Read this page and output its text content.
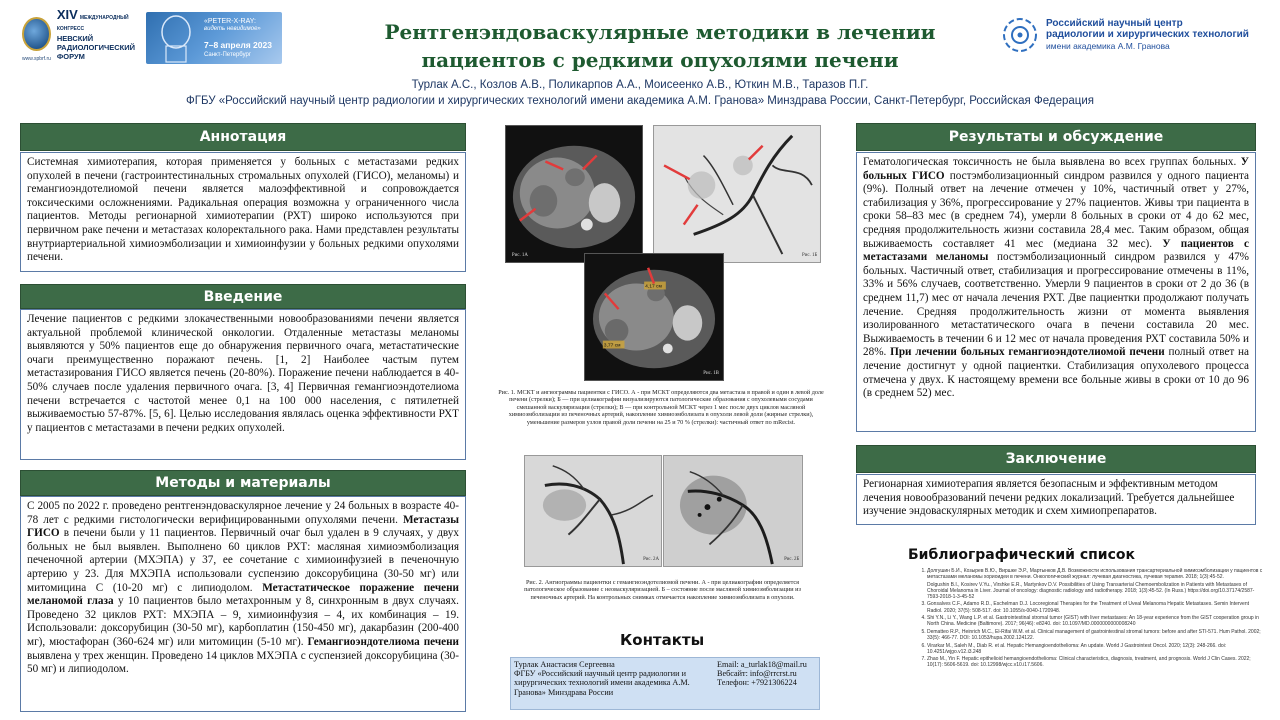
XIV МЕЖДУНАРОДНЫЙ КОНГРЕСС
НЕВСКИЙ
РАДИОЛОГИЧЕСКИЙ
ФОРУМ
www.spbrf.ru
«PETER-X-RAY:
видеть невидимое»
7–8 апреля 2023
Санкт-Петербург
Рентгенэндоваскулярные методики в лечении пациентов с редкими опухолями печени
Турлак А.С., Козлов А.В., Поликарпов А.А., Моисеенко А.В., Юткин М.В., Таразов П.Г.
ФГБУ «Российский научный центр радиологии и хирургических технологий имени академика А.М. Гранова» Минздрава России, Санкт-Петербург, Российская Федерация
Российский научный центр
радиологии и хирургических технологий
имени академика А.М. Гранова
Аннотация

Системная химиотерапия, которая применяется у больных с метастазами редких опухолей в печени (гастроинтестинальных стромальных опухолей (ГИСО), меланомы) и гемангиоэндотелиомой печени является малоэффективной и сопровождается токсическими осложнениями. Радикальная операция возможна у ограниченного числа пациентов. Методы регионарной химиотерапии (РХТ) широко используются при первичном раке печени и метастазах колоректального рака. Нами представлен результаты внутриартериальной химиоэмболизации и химиоинфузии у больных редкими опухолями печени.

Введение

Лечение пациентов с редкими злокачественными новообразованиями печени является актуальной проблемой клинической онкологии. Отдаленные метастазы меланомы выявляются у 50% пациентов еще до обнаружения первичного очага, метастатические очаги преимущественно поражают печень. [1, 2] Наиболее частым путем метастазирования ГИСО является печень (20-80%). Поражение печени наблюдается в 40-50% случаев после удаления первичного очага. [3, 4] Первичная гемангиоэндотелиома печени встречается с частотой менее 0,1 на 100 000 населения, с пятилетней выживаемостью 57-87%. [5, 6]. Целью исследования являлась оценка эффективности РХТ у пациентов с метастазами в печени редких опухолей.

Методы и материалы

С 2005 по 2022 г. проведено рентгенэндоваскулярное лечение у 24 больных в возрасте 40-78 лет с редкими гистологически верифицированными опухолями печени. Метастазы ГИСО в печени были у 11 пациентов. Первичный очаг был удален в 9 случаях, у двух больных не был выявлен. Выполнено 60 циклов РХТ: масляная химиоэмболизация печеночной артерии (МХЭПА) у 37, ее сочетание с химиоинфузией в печеночную артерию у 23. Для МХЭПА использовали суспензию доксорубицина (30-50 мг) или митомицина С (10-20 мг) с липиодолом. Метастатическое поражение печени меланомой глаза у 10 пациентов было метахронным у 8, синхронным в двух случаях. Проведено 32 циклов РХТ: МХЭПА – 9, химиоинфузия – 4, их комбинация – 19. Использовали: доксорубицин (30-50 мг), карбоплатин (150-450 мг), дакарбазин (200-400 мг), мюстафоран (360-624 мг) или митомицин (5-10 мг). Гемангиоэндотелиома печени выявлена у трех женщин. Проведено 14 циклов МХЭПА с суспензией доксорубицина (30-50 мг) и липиодолом.

Рис. 1А	Рис. 1Б
4,17 см
3,77 см
Рис. 1В
Рис. 1. МСКТ и ангиограммы пациентки с ГИСО. А - при МСКТ определяются два метастаза в правой и один в левой доле печени (стрелки); Б — при целиакографии визуализируются патологические образования с опухолевыми сосудами смешанной васкуляризации (стрелки); В — при контрольной МСКТ через 1 мес после двух циклов масляной химиоэмболизации из печеночных артерий, накопление химиоэмболизата в опухоли левой доли (жирные стрелки), уменьшение размеров узлов правой доли печени на 25 и 70 % (стрелки): частичный ответ по mRecist.
Рис. 2А	Рис. 2Б
Рис. 2. Ангиограммы пациентки с гемангиоэндотелиомой печени. А - при целиакографии определяется патологическое образование с неоваскуляризацией. Б – состояние после масляной химиоэмболизации из печеночных артерий. На контрольных снимках отмечается накопление химиоэмболизата в опухоли.
Контакты
Турлак Анастасия Сергеевна
ФГБУ «Российский научный центр радиологии и хирургических технологий имени академика А.М. Гранова» Минздрава России
Email: a_turlak18@mail.ru
Вебсайт: info@rrcrst.ru
Телефон: +7921306224
Результаты и обсуждение

Гематологическая токсичность не была выявлена во всех группах больных. У больных ГИСО постэмболизационный синдром развился у одного пациента (9%). Полный ответ на лечение отмечен у 10%, частичный ответ у 27%, стабилизация у 36%, прогрессирование у 27% пациентов. Живы три пациента в сроки 58–83 мес (в среднем 74), умерли 8 больных в сроки от 4 до 62 мес, средняя продолжительность жизни составила 28,4 мес. Таким образом, общая выживаемость составляет 41 мес (медиана 32 мес). У пациентов с метастазами меланомы постэмболизационный синдром развился у 47% больных. Частичный ответ, стабилизация и прогрессирование отмечены в 11%, 33% и 56% случаев, соответственно. Умерли 9 пациентов в сроки от 2 до 36 (в среднем 11,7) мес от начала лечения РХТ. Две пациентки продолжают получать лечение. Средняя продолжительность жизни от момента выявления изолированного метастатического очага в печени составила 20 мес. Выживаемость в течении 6 и 12 мес от начала проведения РХТ составила 50% и 28%. При лечении больных гемангиоэндотелиомой печени полный ответ на лечение достигнут у одной пациентки. Стабилизация опухолевого процесса отмечена у двух. К настоящему времени все больные живы в сроки от 10 до 96 (в среднем 52) мес.

Заключение

Регионарная химиотерапия является безопасным и эффективным методом лечения новообразований печени редких локализаций. Требуется дальнейшее изучение эндоваскулярных методик и схем химиопрепаратов.

Библиографический список
1. Долгушин Б.И., Козырев В.Ю., Виршке Э.Р., Мартынков Д.В. Возможности использования трансартериальной химиоэмболизации у пациентов с метастазами меланомы хориоидеи в печени. Онкологический журнал: лучевая диагностика, лучевая терапия. 2018; 1(3):45-52.
Dolgushin B.I., Kosirev V.Yu., Virshke E.R., Martynkov D.V. Possibilities of Using Transarterial Chemoembolization in Patients with Metastases of Choroidal Melanoma in Liver. Journal of oncology: diagnostic radiology and radiotherapy. 2018; 1(3):45-52. (In Russ.) https://doi.org/10.37174/2587-7593-2018-1-3-45-52
3. Gonsalves C.F., Adamo R.D., Eschelman D.J. Locoregional Therapies for the Treatment of Uveal Melanoma Hepatic Metastases. Semin Intervent Radiol. 2020; 37(5): 508-517. doi: 10.1055/s-0040-1720948.
4. Shi Y.N., Li Y., Wang L.P. et al. Gastrointestinal stromal tumor (GIST) with liver metastases: An 18-year experience from the GIST cooperation group in North China. Medicine (Baltimore). 2017; 96(46): e8240. doi: 10.1097/MD.0000000000008240
5. Dematteo R.P., Heinrich M.C., El-Rifai W.M. et al. Clinical management of gastrointestinal stromal tumors: before and after STI-571. Hum Pathol. 2002; 33(5): 466-77. DOI: 10.1053/hupa.2002.124122.
6. Virarkar M., Saleh M., Diab R. et al. Hepatic Hemangioendothelioma: An update. World J Gastrointest Oncol. 2020; 12(3): 248-266. doi: 10.4251/wjgo.v12.i3.248
7. Zhao M., Yin F. Hepatic epithelioid hemangioendothelioma: Clinical characteristics, diagnosis, treatment, and prognosis. World J Clin Cases. 2022; 10(17): 5606-5619. doi: 10.12998/wjcc.v10.i17.5606.
